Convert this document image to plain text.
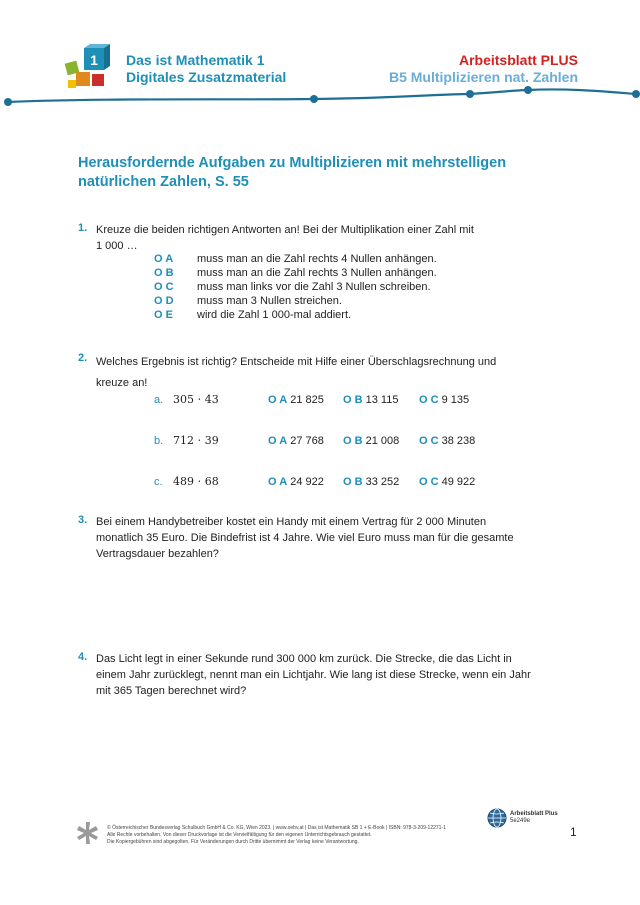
1 Das ist Mathematik 1
Digitales Zusatzmaterial
Arbeitsblatt PLUS
B5 Multiplizieren nat. Zahlen
Herausfordernde Aufgaben zu Multiplizieren mit mehrstelligen
natürlichen Zahlen, S. 55
1. Kreuze die beiden richtigen Antworten an! Bei der Multiplikation einer Zahl mit
1 000 …
O A muss man an die Zahl rechts 4 Nullen anhängen.
O B muss man an die Zahl rechts 3 Nullen anhängen.
O C muss man links vor die Zahl 3 Nullen schreiben.
O D muss man 3 Nullen streichen.
O E wird die Zahl 1 000-mal addiert.
2. Welches Ergebnis ist richtig? Entscheide mit Hilfe einer Überschlagsrechnung und
kreuze an!
a. 305 ⋅ 43	O A 21 825 O B 13 115 O C 9 135
b. 712 ⋅ 39	O A 27 768 O B 21 008 O C 38 238
c. 489 ⋅ 68	O A 24 922 O B 33 252 O C 49 922
3. Bei einem Handybetreiber kostet ein Handy mit einem Vertrag für 2 000 Minuten
monatlich 35 Euro. Die Bindefrist ist 4 Jahre. Wie viel Euro muss man für die gesamte
Vertragsdauer bezahlen?
4. Das Licht legt in einer Sekunde rund 300 000 km zurück. Die Strecke, die das Licht in
einem Jahr zurücklegt, nennt man ein Lichtjahr. Wie lang ist diese Strecke, wenn ein Jahr
mit 365 Tagen berechnet wird?
© Österreichischer Bundesverlag Schulbuch GmbH & Co. KG, Wien 2023. | www.oebv.at | Das ist Mathematik SB 1 + E-Book | ISBN: 978-3-209-12271-1
Alle Rechte vorbehalten. Von dieser Druckvorlage ist die Vervielfältigung für den eigenen Unterrichtsgebrauch gestattet.
Die Kopiergebühren sind abgegolten. Für Veränderungen durch Dritte übernimmt der Verlag keine Verantwortung.
Arbeitsblatt Plus
5e249e
1
